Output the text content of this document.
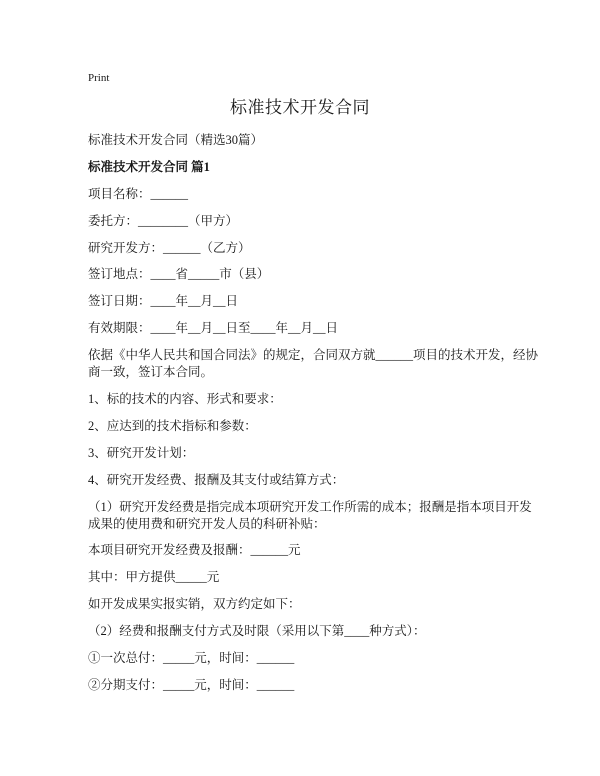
Print
标准技术开发合同

标准技术开发合同（精选30篇）

标准技术开发合同 篇1

项目名称：______

委托方：________（甲方）

研究开发方：______（乙方）

签订地点：____省_____市（县）

签订日期：____年__月__日

有效期限：____年__月__日至____年__月__日

依据《中华人民共和国合同法》的规定，合同双方就______项目的技术开发，经协

商一致，签订本合同。

1、标的技术的内容、形式和要求：

2、应达到的技术指标和参数：

3、研究开发计划：

4、研究开发经费、报酬及其支付或结算方式：

（1）研究开发经费是指完成本项研究开发工作所需的成本；报酬是指本项目开发

成果的使用费和研究开发人员的科研补贴：

本项目研究开发经费及报酬：______元

其中：甲方提供_____元

如开发成果实报实销，双方约定如下：

（2）经费和报酬支付方式及时限（采用以下第____种方式）：

①一次总付：_____元，时间：______

②分期支付：_____元，时间：______
